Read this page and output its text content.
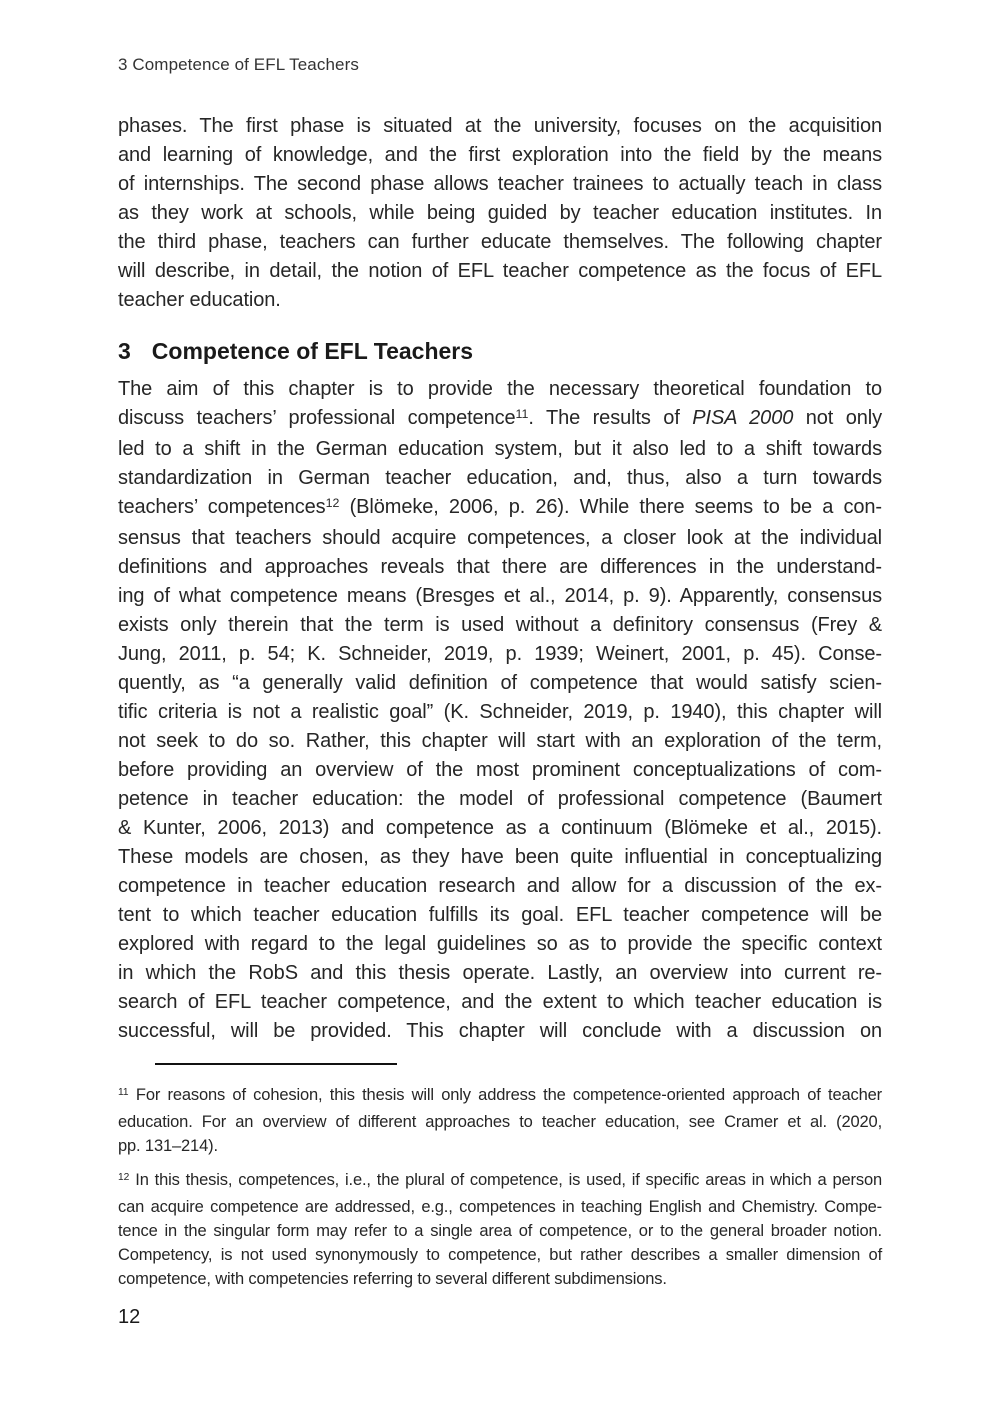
3 Competence of EFL Teachers
phases. The first phase is situated at the university, focuses on the acquisition
and learning of knowledge, and the first exploration into the field by the means
of internships. The second phase allows teacher trainees to actually teach in class
as they work at schools, while being guided by teacher education institutes. In
the third phase, teachers can further educate themselves. The following chapter
will describe, in detail, the notion of EFL teacher competence as the focus of EFL
teacher education.
3 Competence of EFL Teachers
The aim of this chapter is to provide the necessary theoretical foundation to
discuss teachers’ professional competence$^{11}$. The results of PISA 2000 not only
led to a shift in the German education system, but it also led to a shift towards
standardization in German teacher education, and, thus, also a turn towards
teachers’ competences$^{12}$ (Blömeke, 2006, p. 26). While there seems to be a con-
sensus that teachers should acquire competences, a closer look at the individual
definitions and approaches reveals that there are differences in the understand-
ing of what competence means (Bresges et al., 2014, p. 9). Apparently, consensus
exists only therein that the term is used without a definitory consensus (Frey &
Jung, 2011, p. 54; K. Schneider, 2019, p. 1939; Weinert, 2001, p. 45). Conse-
quently, as “a generally valid definition of competence that would satisfy scien-
tific criteria is not a realistic goal” (K. Schneider, 2019, p. 1940), this chapter will
not seek to do so. Rather, this chapter will start with an exploration of the term,
before providing an overview of the most prominent conceptualizations of com-
petence in teacher education: the model of professional competence (Baumert
& Kunter, 2006, 2013) and competence as a continuum (Blömeke et al., 2015).
These models are chosen, as they have been quite influential in conceptualizing
competence in teacher education research and allow for a discussion of the ex-
tent to which teacher education fulfills its goal. EFL teacher competence will be
explored with regard to the legal guidelines so as to provide the specific context
in which the RobS and this thesis operate. Lastly, an overview into current re-
search of EFL teacher competence, and the extent to which teacher education is
successful, will be provided. This chapter will conclude with a discussion on
$^{11}$ For reasons of cohesion, this thesis will only address the competence-oriented approach of teacher
education. For an overview of different approaches to teacher education, see Cramer et al. (2020,
pp. 131–214).
$^{12}$ In this thesis, competences, i.e., the plural of competence, is used, if specific areas in which a person
can acquire competence are addressed, e.g., competences in teaching English and Chemistry. Compe-
tence in the singular form may refer to a single area of competence, or to the general broader notion.
Competency, is not used synonymously to competence, but rather describes a smaller dimension of
competence, with competencies referring to several different subdimensions.
12
